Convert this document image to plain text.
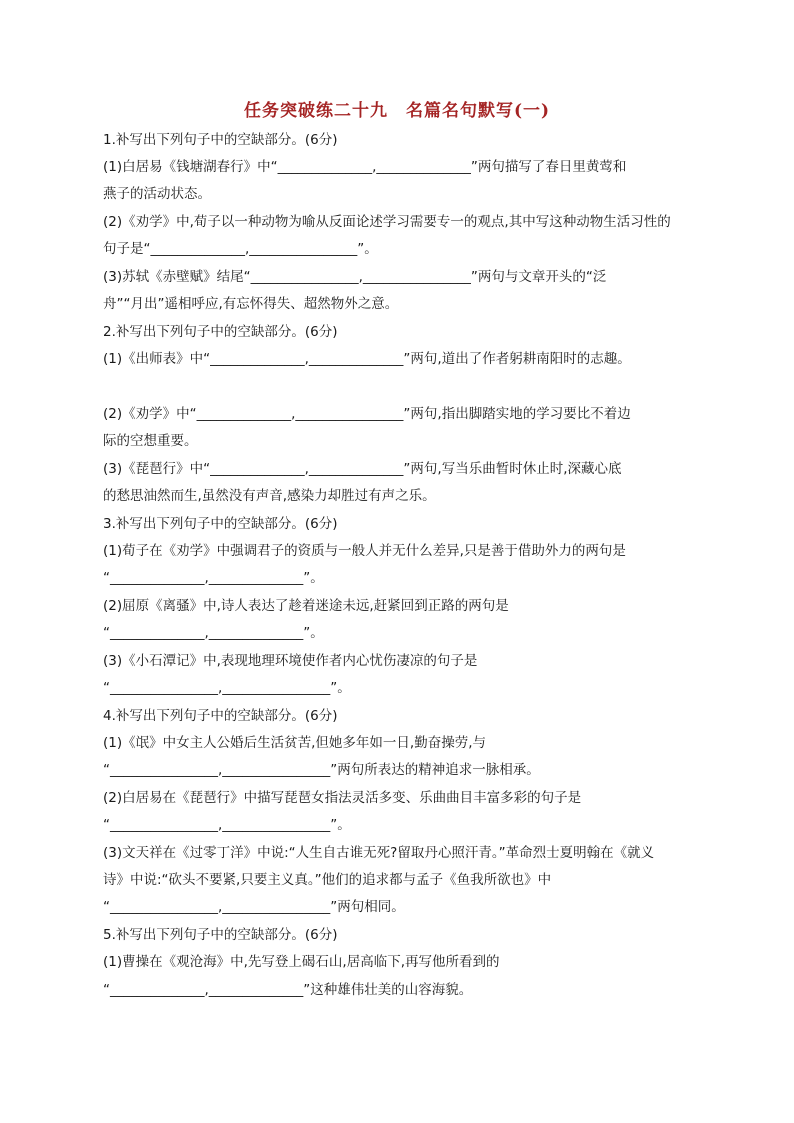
任务突破练二十九　名篇名句默写(一)
1.补写出下列句子中的空缺部分。(6分)
(1)白居易《钱塘湖春行》中“______________,______________”两句描写了春日里黄莺和
燕子的活动状态。
(2)《劝学》中,荀子以一种动物为喻从反面论述学习需要专一的观点,其中写这种动物生活习性的
句子是“______________,________________”。
(3)苏轼《赤壁赋》结尾“________________,________________”两句与文章开头的“泛
舟”“月出”遥相呼应,有忘怀得失、超然物外之意。
2.补写出下列句子中的空缺部分。(6分)
(1)《出师表》中“______________,______________”两句,道出了作者躬耕南阳时的志趣。
(2)《劝学》中“______________,________________”两句,指出脚踏实地的学习要比不着边
际的空想重要。
(3)《琵琶行》中“______________,______________”两句,写当乐曲暂时休止时,深藏心底
的愁思油然而生,虽然没有声音,感染力却胜过有声之乐。
3.补写出下列句子中的空缺部分。(6分)
(1)荀子在《劝学》中强调君子的资质与一般人并无什么差异,只是善于借助外力的两句是
“______________,______________”。
(2)屈原《离骚》中,诗人表达了趁着迷途未远,赶紧回到正路的两句是
“______________,______________”。
(3)《小石潭记》中,表现地理环境使作者内心忧伤凄凉的句子是
“________________,________________”。
4.补写出下列句子中的空缺部分。(6分)
(1)《氓》中女主人公婚后生活贫苦,但她多年如一日,勤奋操劳,与
“________________,________________”两句所表达的精神追求一脉相承。
(2)白居易在《琵琶行》中描写琵琶女指法灵活多变、乐曲曲目丰富多彩的句子是
“________________,________________”。
(3)文天祥在《过零丁洋》中说:“人生自古谁无死?留取丹心照汗青。”革命烈士夏明翰在《就义
诗》中说:“砍头不要紧,只要主义真。”他们的追求都与孟子《鱼我所欲也》中
“________________,________________”两句相同。
5.补写出下列句子中的空缺部分。(6分)
(1)曹操在《观沧海》中,先写登上碣石山,居高临下,再写他所看到的
“______________,______________”这种雄伟壮美的山容海貌。
